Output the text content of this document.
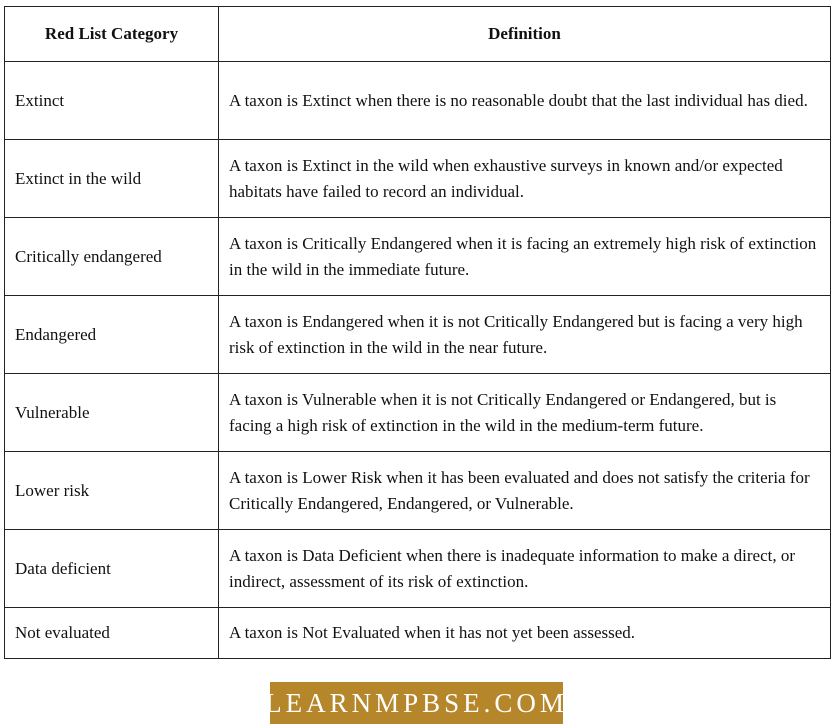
Red List Category	Definition
Extinct	A taxon is Extinct when there is no reasonable doubt that the last individual has died.
Extinct in the wild	A taxon is Extinct in the wild when exhaustive surveys in known and/or expected habitats have failed to record an individual.
Critically endangered	A taxon is Critically Endangered when it is facing an extremely high risk of extinction in the wild in the immediate future.
Endangered	A taxon is Endangered when it is not Critically Endangered but is facing a very high risk of extinction in the wild in the near future.
Vulnerable	A taxon is Vulnerable when it is not Critically Endangered or Endangered, but is facing a high risk of extinction in the wild in the medium-term future.
Lower risk	A taxon is Lower Risk when it has been evaluated and does not satisfy the criteria for Critically Endangered, Endangered, or Vulnerable.
Data deficient	A taxon is Data Deficient when there is inadequate information to make a direct, or indirect, assessment of its risk of extinction.
Not evaluated	A taxon is Not Evaluated when it has not yet been assessed.
LEARNMPBSE.COM
